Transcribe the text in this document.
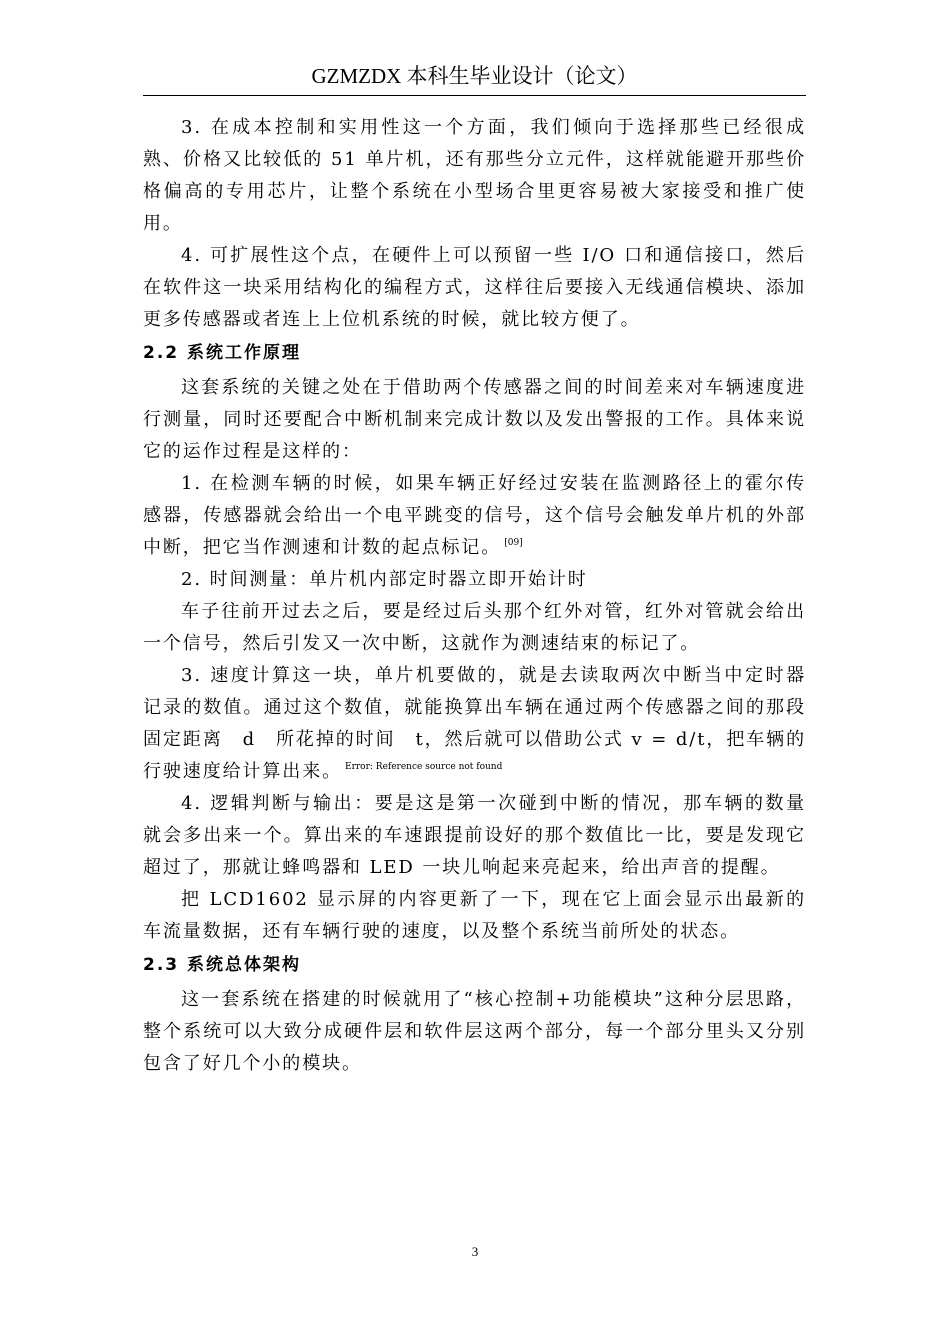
GZMZDX 本科生毕业设计（论文）

3. 在成本控制和实用性这一个方面，我们倾向于选择那些已经很成熟、价格又比较低的 51 单片机，还有那些分立元件，这样就能避开那些价格偏高的专用芯片，让整个系统在小型场合里更容易被大家接受和推广使用。

4. 可扩展性这个点，在硬件上可以预留一些 I/O 口和通信接口，然后在软件这一块采用结构化的编程方式，这样往后要接入无线通信模块、添加更多传感器或者连上上位机系统的时候，就比较方便了。

2.2 系统工作原理

这套系统的关键之处在于借助两个传感器之间的时间差来对车辆速度进行测量，同时还要配合中断机制来完成计数以及发出警报的工作。具体来说它的运作过程是这样的：

1. 在检测车辆的时候，如果车辆正好经过安装在监测路径上的霍尔传感器，传感器就会给出一个电平跳变的信号，这个信号会触发单片机的外部中断，把它当作测速和计数的起点标记。 [09]

2. 时间测量：单片机内部定时器立即开始计时

车子往前开过去之后，要是经过后头那个红外对管，红外对管就会给出一个信号，然后引发又一次中断，这就作为测速结束的标记了。

3. 速度计算这一块，单片机要做的，就是去读取两次中断当中定时器记录的数值。通过这个数值，就能换算出车辆在通过两个传感器之间的那段固定距离　d　所花掉的时间　t，然后就可以借助公式 v = d/t，把车辆的行驶速度给计算出来。 $^{Error: Reference source not found}$

4. 逻辑判断与输出：要是这是第一次碰到中断的情况，那车辆的数量就会多出来一个。算出来的车速跟提前设好的那个数值比一比，要是发现它超过了，那就让蜂鸣器和 LED 一块儿响起来亮起来，给出声音的提醒。

把 LCD1602 显示屏的内容更新了一下，现在它上面会显示出最新的车流量数据，还有车辆行驶的速度，以及整个系统当前所处的状态。

2.3 系统总体架构

这一套系统在搭建的时候就用了“核心控制+功能模块”这种分层思路，整个系统可以大致分成硬件层和软件层这两个部分，每一个部分里头又分别包含了好几个小的模块。

3
